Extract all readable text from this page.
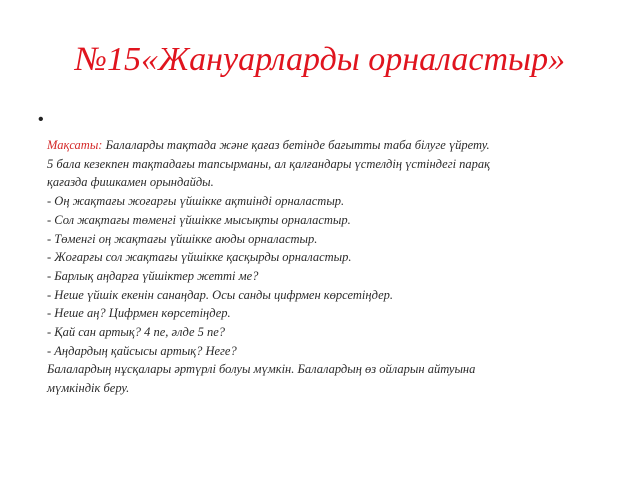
№15«Жануарларды орналастыр»
•
Мақсаты: Балаларды тақтада және қағаз бетінде бағытты таба білуге үйрету.
5 бала кезекпен тақтадағы тапсырманы, ал қалғандары үстелдің үстіндегі парақ
қағазда фишкамен орындайды.
- Оң жақтағы жоғарғы үйшікке ақтиінді орналастыр.
- Сол жақтағы төменгі үйшікке мысықты орналастыр.
- Төменгі оң жақтағы үйшікке аюды орналастыр.
- Жоғарғы сол жақтағы үйшікке қасқырды орналастыр.
- Барлық аңдарға үйшіктер жетті ме?
- Неше үйшік екенін санаңдар. Осы санды цифрмен көрсетіңдер.
- Неше аң? Цифрмен көрсетіңдер.
- Қай сан артық? 4 пе, әлде 5 пе?
- Аңдардың қайсысы артық? Неге?
Балалардың нұсқалары әртүрлі болуы мүмкін. Балалардың өз ойларын айтуына
мүмкіндік беру.
